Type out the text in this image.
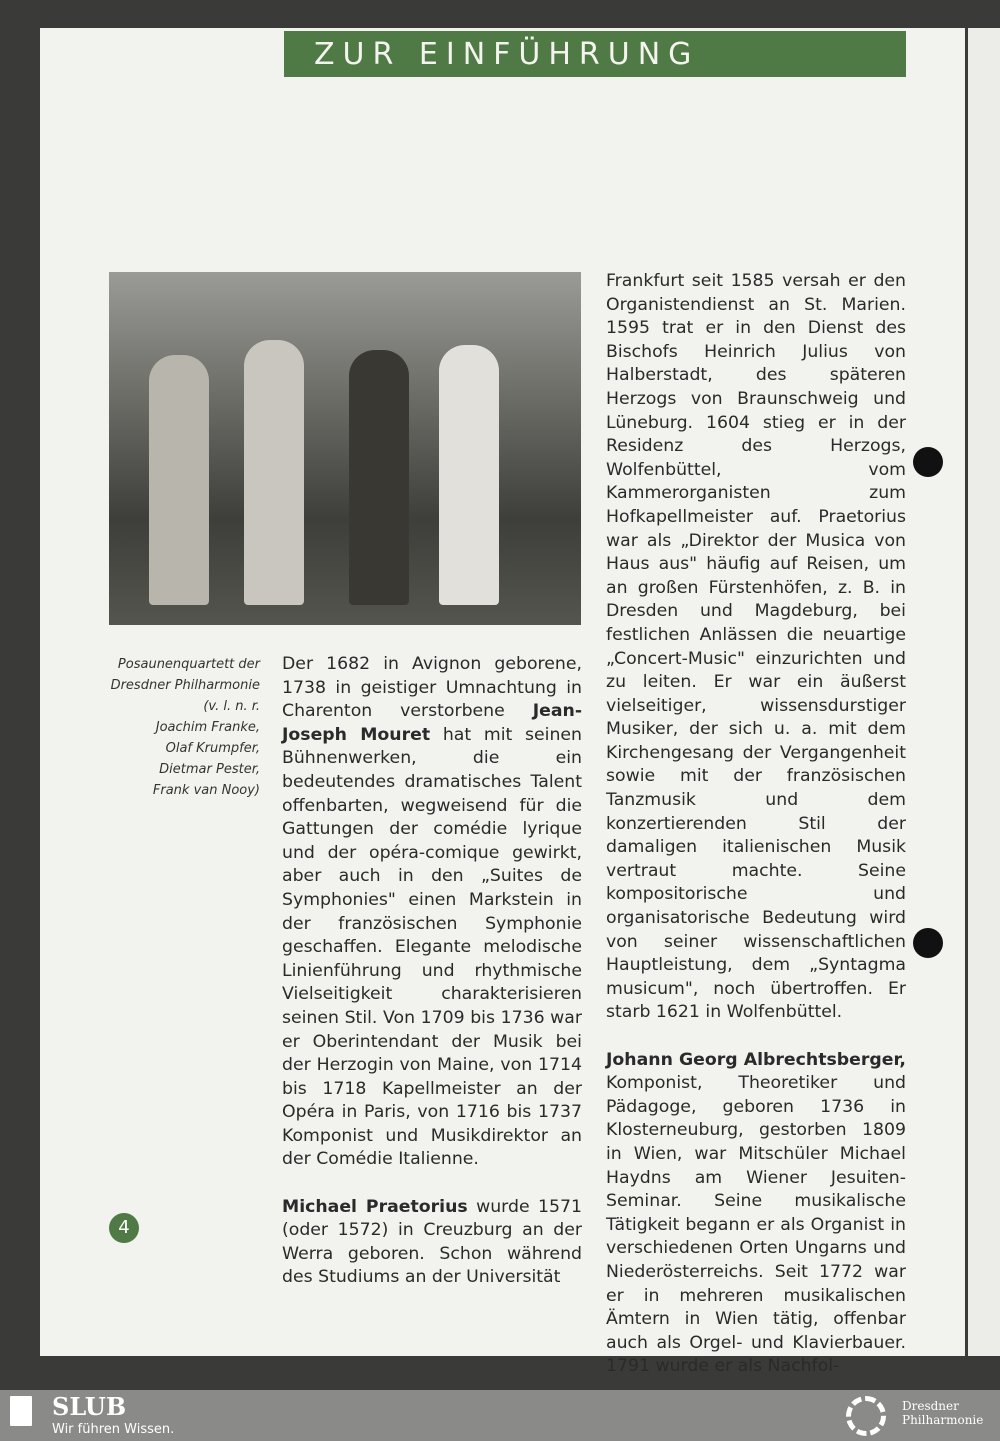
ZUR EINFÜHRUNG
Posaunenquartett der
Dresdner Philharmonie
(v. l. n. r.
Joachim Franke,
Olaf Krumpfer,
Dietmar Pester,
Frank van Nooy)

Der 1682 in Avignon geborene, 1738 in geistiger Umnachtung in Charenton verstorbene Jean-Joseph Mouret hat mit seinen Bühnenwerken, die ein bedeutendes dramatisches Talent offenbarten, wegweisend für die Gattungen der comédie lyrique und der opéra-comique gewirkt, aber auch in den „Suites de Symphonies" einen Markstein in der französischen Symphonie geschaffen. Elegante melodische Linienführung und rhythmische Vielseitigkeit charakterisieren seinen Stil. Von 1709 bis 1736 war er Oberintendant der Musik bei der Herzogin von Maine, von 1714 bis 1718 Kapellmeister an der Opéra in Paris, von 1716 bis 1737 Komponist und Musikdirektor an der Comédie Italienne.

Michael Praetorius wurde 1571 (oder 1572) in Creuzburg an der Werra geboren. Schon während des Studiums an der Universität

Frankfurt seit 1585 versah er den Organistendienst an St. Marien. 1595 trat er in den Dienst des Bischofs Heinrich Julius von Halberstadt, des späteren Herzogs von Braunschweig und Lüneburg. 1604 stieg er in der Residenz des Herzogs, Wolfenbüttel, vom Kammerorganisten zum Hofkapellmeister auf. Praetorius war als „Direktor der Musica von Haus aus" häufig auf Reisen, um an großen Fürstenhöfen, z. B. in Dresden und Magdeburg, bei festlichen Anlässen die neuartige „Concert-Music" einzurichten und zu leiten. Er war ein äußerst vielseitiger, wissensdurstiger Musiker, der sich u. a. mit dem Kirchengesang der Vergangenheit sowie mit der französischen Tanzmusik und dem konzertierenden Stil der damaligen italienischen Musik vertraut machte. Seine kompositorische und organisatorische Bedeutung wird von seiner wissenschaftlichen Hauptleistung, dem „Syntagma musicum", noch übertroffen. Er starb 1621 in Wolfenbüttel.

Johann Georg Albrechtsberger, Komponist, Theoretiker und Pädagoge, geboren 1736 in Klosterneuburg, gestorben 1809 in Wien, war Mitschüler Michael Haydns am Wiener Jesuiten-Seminar. Seine musikalische Tätigkeit begann er als Organist in verschiedenen Orten Ungarns und Niederösterreichs. Seit 1772 war er in mehreren musikalischen Ämtern in Wien tätig, offenbar auch als Orgel- und Klavierbauer. 1791 wurde er als Nachfol-

4
SLUB
Wir führen Wissen.
Dresdner
Philharmonie
